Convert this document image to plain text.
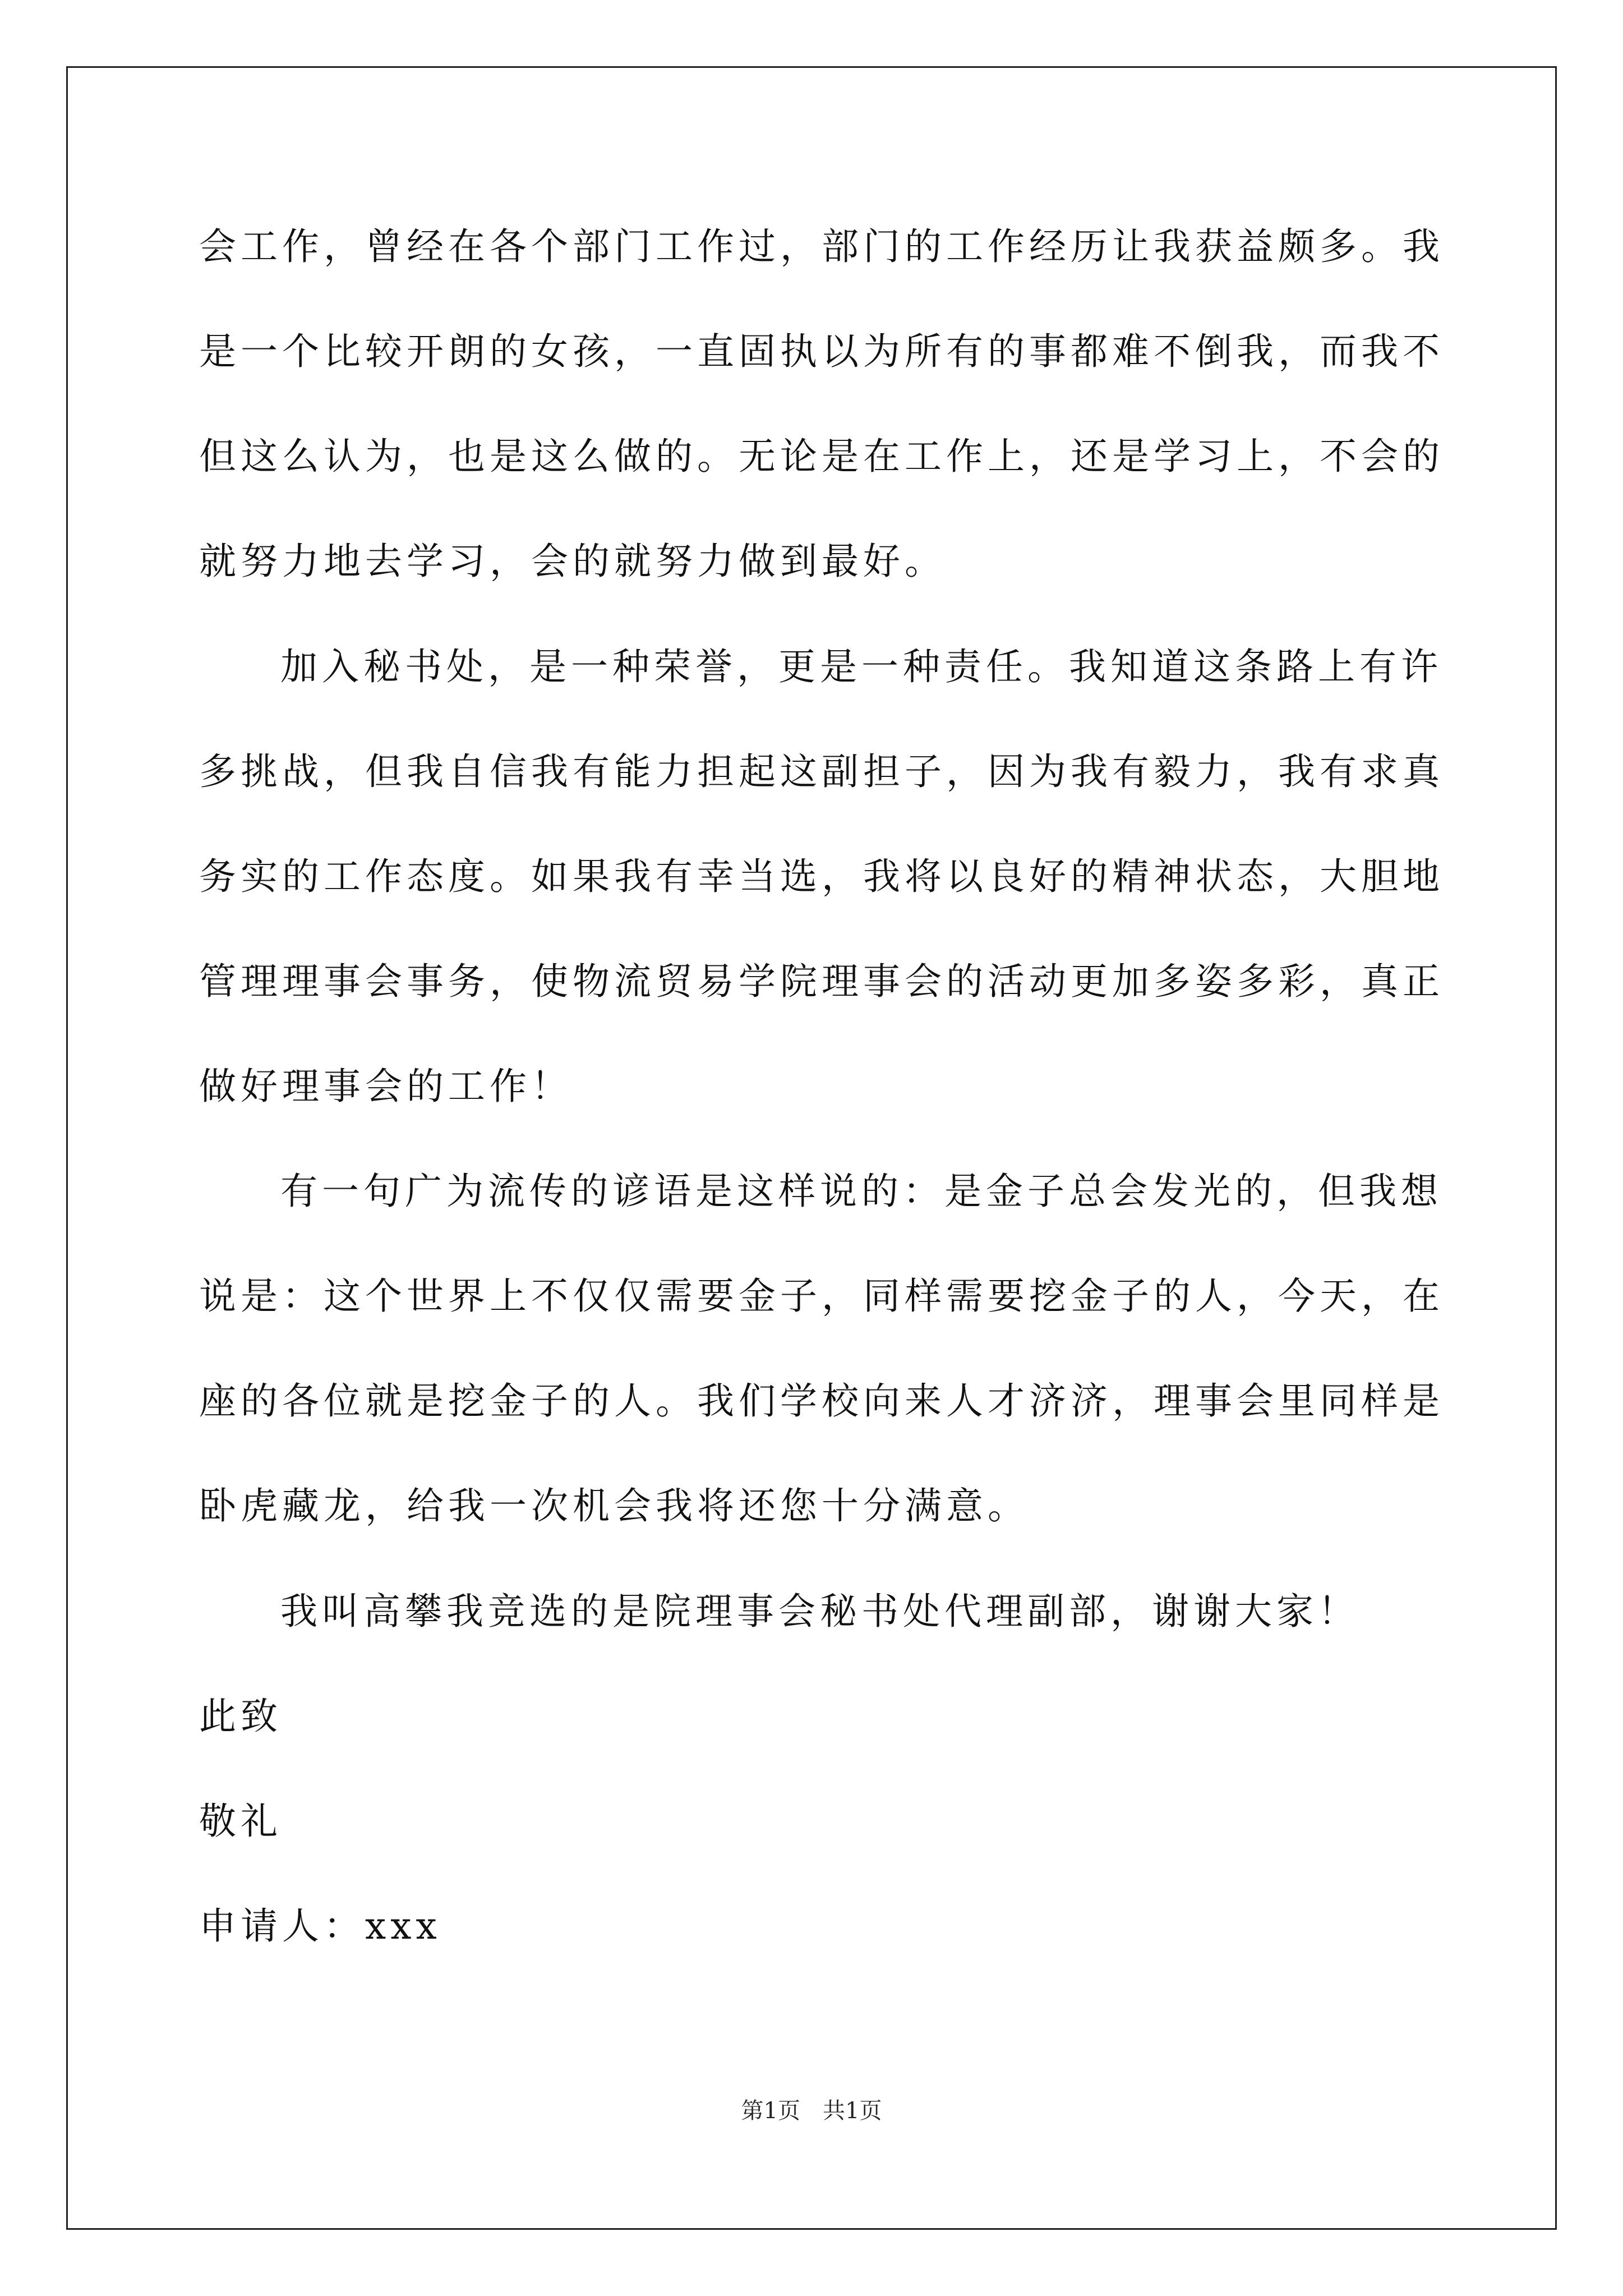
会工作，曾经在各个部门工作过，部门的工作经历让我获益颇多。我
是一个比较开朗的女孩，一直固执以为所有的事都难不倒我，而我不
但这么认为，也是这么做的。无论是在工作上，还是学习上，不会的
就努力地去学习，会的就努力做到最好。
加入秘书处，是一种荣誉，更是一种责任。我知道这条路上有许
多挑战，但我自信我有能力担起这副担子，因为我有毅力，我有求真
务实的工作态度。如果我有幸当选，我将以良好的精神状态，大胆地
管理理事会事务，使物流贸易学院理事会的活动更加多姿多彩，真正
做好理事会的工作！
有一句广为流传的谚语是这样说的：是金子总会发光的，但我想
说是：这个世界上不仅仅需要金子，同样需要挖金子的人，今天，在
座的各位就是挖金子的人。我们学校向来人才济济，理事会里同样是
卧虎藏龙，给我一次机会我将还您十分满意。
我叫高攀我竞选的是院理事会秘书处代理副部，谢谢大家！
此致
敬礼
申请人：xxx
第1页 共1页
